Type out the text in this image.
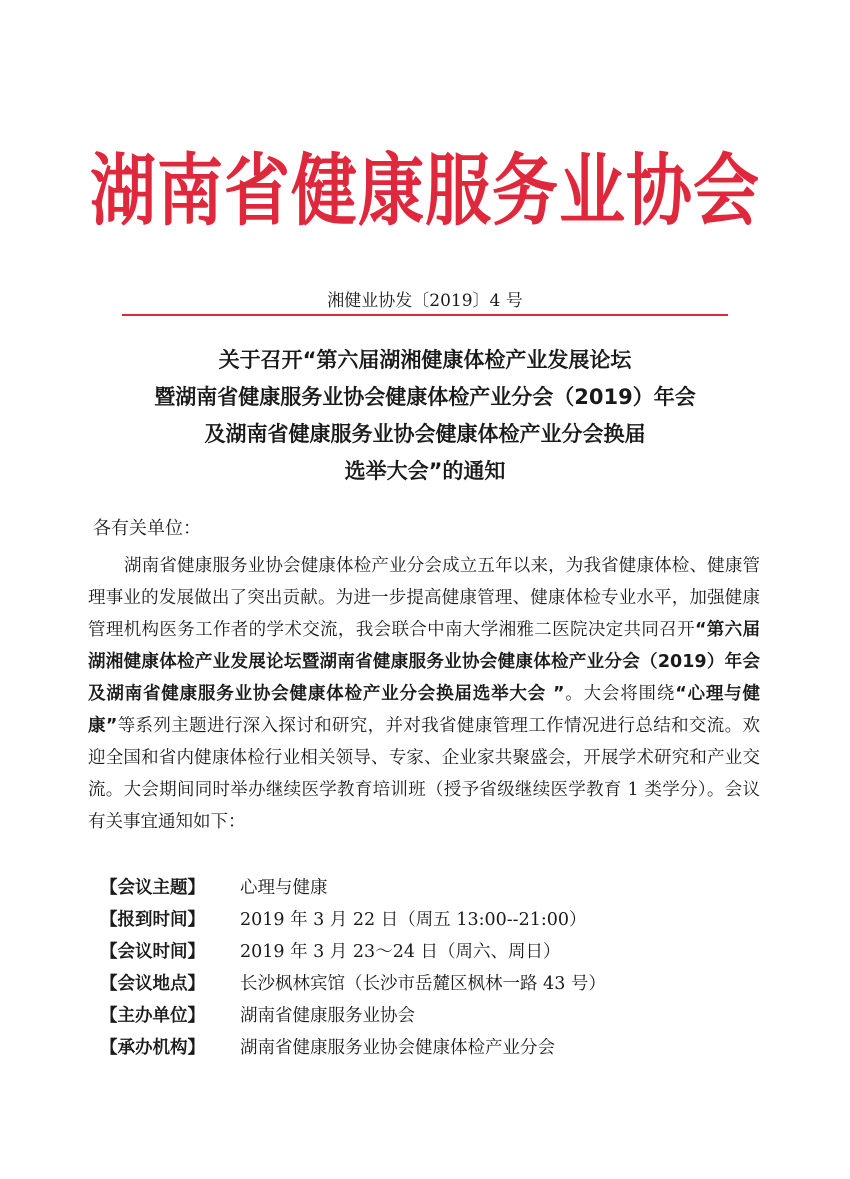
湖南省健康服务业协会
湘健业协发〔2019〕4 号
关于召开“第六届湖湘健康体检产业发展论坛
暨湖南省健康服务业协会健康体检产业分会（2019）年会
及湖南省健康服务业协会健康体检产业分会换届
选举大会”的通知
各有关单位：
湖南省健康服务业协会健康体检产业分会成立五年以来，为我省健康体检、健康管理事业的发展做出了突出贡献。为进一步提高健康管理、健康体检专业水平，加强健康管理机构医务工作者的学术交流，我会联合中南大学湘雅二医院决定共同召开“第六届湖湘健康体检产业发展论坛暨湖南省健康服务业协会健康体检产业分会（2019）年会及湖南省健康服务业协会健康体检产业分会换届选举大会 ”。大会将围绕“心理与健康”等系列主题进行深入探讨和研究，并对我省健康管理工作情况进行总结和交流。欢迎全国和省内健康体检行业相关领导、专家、企业家共聚盛会，开展学术研究和产业交流。大会期间同时举办继续医学教育培训班（授予省级继续医学教育 1 类学分）。会议有关事宜通知如下：
【会议主题】 心理与健康
【报到时间】 2019 年 3 月 22 日（周五 13:00--21:00）
【会议时间】 2019 年 3 月 23～24 日（周六、周日）
【会议地点】 长沙枫林宾馆（长沙市岳麓区枫林一路 43 号）
【主办单位】 湖南省健康服务业协会
【承办机构】 湖南省健康服务业协会健康体检产业分会
